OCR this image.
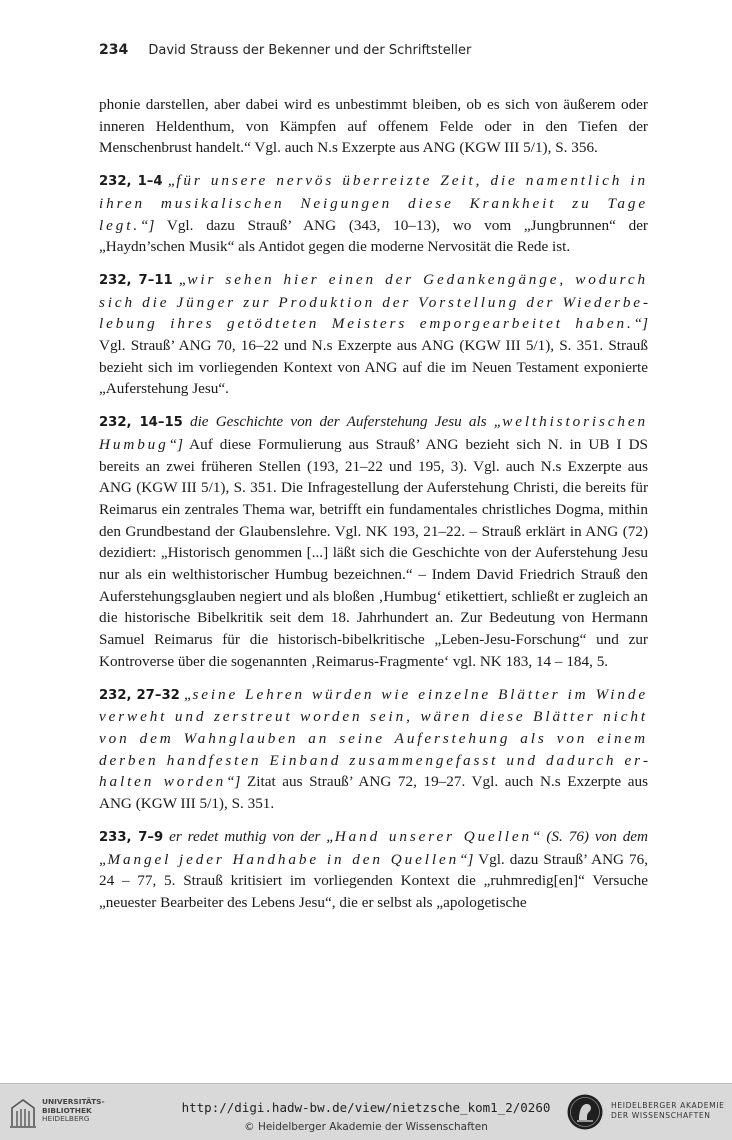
234 David Strauss der Bekenner und der Schriftsteller

phonie darstellen, aber dabei wird es unbestimmt bleiben, ob es sich von äußerem oder inneren Heldenthum, von Kämpfen auf offenem Felde oder in den Tiefen der Menschenbrust handelt.“ Vgl. auch N.s Exzerpte aus ANG (KGW III 5/1), S. 356.

232, 1–4 „für unsere nervös überreizte Zeit, die namentlich in ihren musikalischen Neigungen diese Krankheit zu Tage legt.“] Vgl. dazu Strauß’ ANG (343, 10–13), wo vom „Jungbrunnen“ der „Haydn’schen Musik“ als Antidot gegen die moderne Nervosität die Rede ist.

232, 7–11 „wir sehen hier einen der Gedankengänge, wodurch sich die Jünger zur Produktion der Vorstellung der Wiederbelebung ihres getödteten Meisters emporgearbeitet haben.“] Vgl. Strauß’ ANG 70, 16–22 und N.s Exzerpte aus ANG (KGW III 5/1), S. 351. Strauß bezieht sich im vorliegenden Kontext von ANG auf die im Neuen Testament exponierte „Auferstehung Jesu“.

232, 14–15 die Geschichte von der Auferstehung Jesu als „welthistorischen Humbug“] Auf diese Formulierung aus Strauß’ ANG bezieht sich N. in UB I DS bereits an zwei früheren Stellen (193, 21–22 und 195, 3). Vgl. auch N.s Exzerpte aus ANG (KGW III 5/1), S. 351. Die Infragestellung der Auferstehung Christi, die bereits für Reimarus ein zentrales Thema war, betrifft ein fundamentales christliches Dogma, mithin den Grundbestand der Glaubenslehre. Vgl. NK 193, 21–22. – Strauß erklärt in ANG (72) dezidiert: „Historisch genommen [...] läßt sich die Geschichte von der Auferstehung Jesu nur als ein welthistorischer Humbug bezeichnen.“ – Indem David Friedrich Strauß den Auferstehungsglauben negiert und als bloßen ‚Humbug‘ etikettiert, schließt er zugleich an die historische Bibelkritik seit dem 18. Jahrhundert an. Zur Bedeutung von Hermann Samuel Reimarus für die historisch-bibelkritische „Leben-Jesu-Forschung“ und zur Kontroverse über die sogenannten ‚Reimarus-Fragmente‘ vgl. NK 183, 14 – 184, 5.

232, 27–32 „seine Lehren würden wie einzelne Blätter im Winde verweht und zerstreut worden sein, wären diese Blätter nicht von dem Wahnglauben an seine Auferstehung als von einem derben handfesten Einband zusammengefasst und dadurch erhalten worden“] Zitat aus Strauß’ ANG 72, 19–27. Vgl. auch N.s Exzerpte aus ANG (KGW III 5/1), S. 351.

233, 7–9 er redet muthig von der „Hand unserer Quellen“ (S. 76) von dem „Mangel jeder Handhabe in den Quellen“] Vgl. dazu Strauß’ ANG 76, 24 – 77, 5. Strauß kritisiert im vorliegenden Kontext die „ruhmredig[en]“ Versuche „neuester Bearbeiter des Lebens Jesu“, die er selbst als „apologetische

UNIVERSITÄTS-
BIBLIOTHEK
HEIDELBERG
http://digi.hadw-bw.de/view/nietzsche_kom1_2/0260
© Heidelberger Akademie der Wissenschaften
HEIDELBERGER AKADEMIE
DER WISSENSCHAFTEN
